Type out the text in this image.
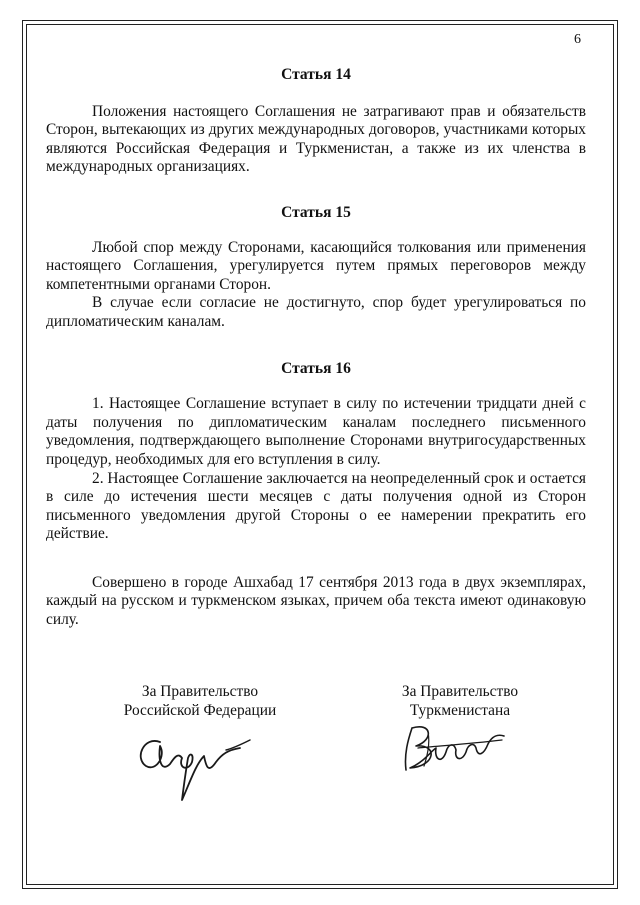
6
Статья 14

Положения настоящего Соглашения не затрагивают прав и обязательств Сторон, вытекающих из других международных договоров, участниками которых являются Российская Федерация и Туркменистан, а также из их членства в международных организациях.

Статья 15

Любой спор между Сторонами, касающийся толкования или применения настоящего Соглашения, урегулируется путем прямых переговоров между компетентными органами Сторон.

В случае если согласие не достигнуто, спор будет урегулироваться по дипломатическим каналам.

Статья 16

1. Настоящее Соглашение вступает в силу по истечении тридцати дней с даты получения по дипломатическим каналам последнего письменного уведомления, подтверждающего выполнение Сторонами внутригосударственных процедур, необходимых для его вступления в силу.

2. Настоящее Соглашение заключается на неопределенный срок и остается в силе до истечения шести месяцев с даты получения одной из Сторон письменного уведомления другой Стороны о ее намерении прекратить его действие.

Совершено в городе Ашхабад 17 сентября 2013 года в двух экземплярах, каждый на русском и туркменском языках, причем оба текста имеют одинаковую силу.

За Правительство
Российской Федерации
За Правительство
Туркменистана
